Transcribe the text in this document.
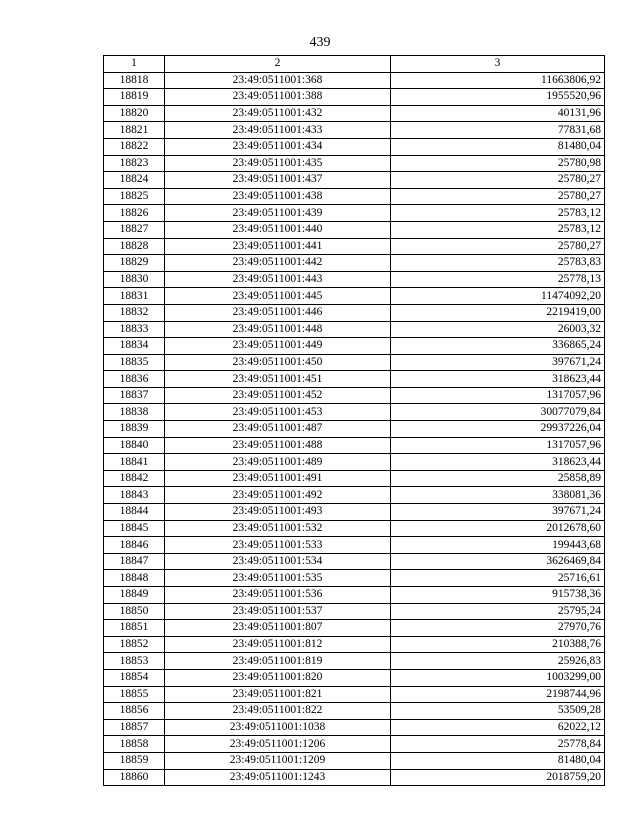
439
1	2	3
18818	23:49:0511001:368	11663806,92
18819	23:49:0511001:388	1955520,96
18820	23:49:0511001:432	40131,96
18821	23:49:0511001:433	77831,68
18822	23:49:0511001:434	81480,04
18823	23:49:0511001:435	25780,98
18824	23:49:0511001:437	25780,27
18825	23:49:0511001:438	25780,27
18826	23:49:0511001:439	25783,12
18827	23:49:0511001:440	25783,12
18828	23:49:0511001:441	25780,27
18829	23:49:0511001:442	25783,83
18830	23:49:0511001:443	25778,13
18831	23:49:0511001:445	11474092,20
18832	23:49:0511001:446	2219419,00
18833	23:49:0511001:448	26003,32
18834	23:49:0511001:449	336865,24
18835	23:49:0511001:450	397671,24
18836	23:49:0511001:451	318623,44
18837	23:49:0511001:452	1317057,96
18838	23:49:0511001:453	30077079,84
18839	23:49:0511001:487	29937226,04
18840	23:49:0511001:488	1317057,96
18841	23:49:0511001:489	318623,44
18842	23:49:0511001:491	25858,89
18843	23:49:0511001:492	338081,36
18844	23:49:0511001:493	397671,24
18845	23:49:0511001:532	2012678,60
18846	23:49:0511001:533	199443,68
18847	23:49:0511001:534	3626469,84
18848	23:49:0511001:535	25716,61
18849	23:49:0511001:536	915738,36
18850	23:49:0511001:537	25795,24
18851	23:49:0511001:807	27970,76
18852	23:49:0511001:812	210388,76
18853	23:49:0511001:819	25926,83
18854	23:49:0511001:820	1003299,00
18855	23:49:0511001:821	2198744,96
18856	23:49:0511001:822	53509,28
18857	23:49:0511001:1038	62022,12
18858	23:49:0511001:1206	25778,84
18859	23:49:0511001:1209	81480,04
18860	23:49:0511001:1243	2018759,20
